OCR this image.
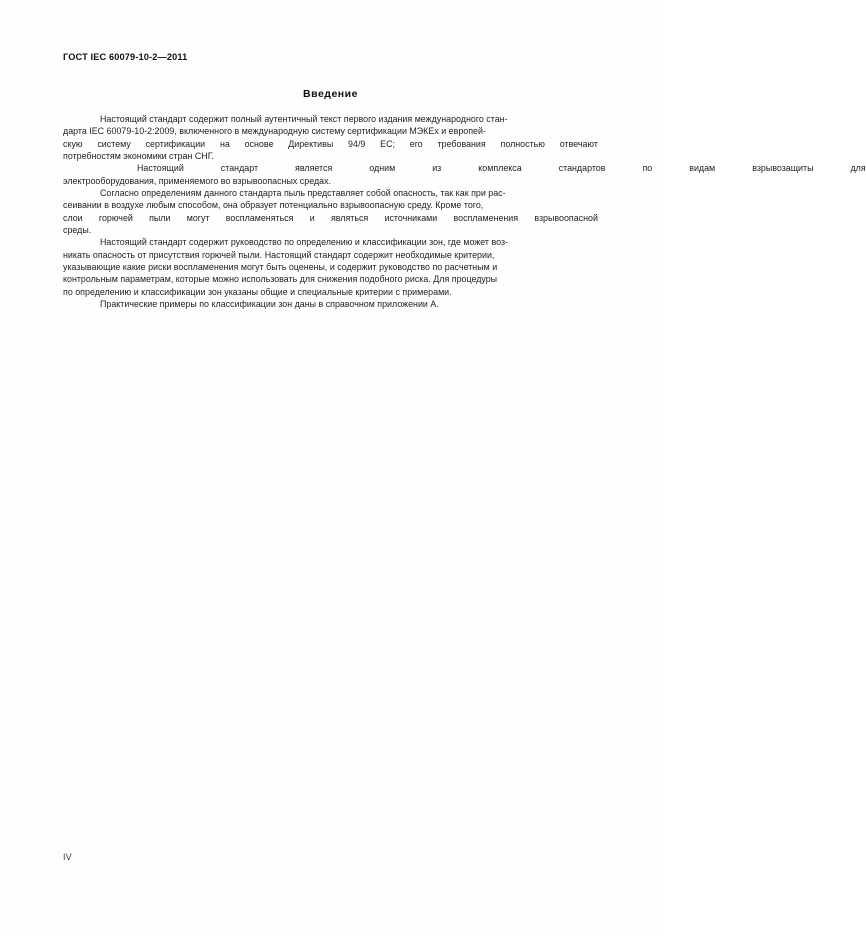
ГОСТ IEC 60079-10-2—2011
Введение

Настоящий стандарт содержит полный аутентичный текст первого издания международного стан-
дарта IEC 60079-10-2:2009, включенного в международную систему сертификации МЭКЕх и европей-
скую систему сертификации на основе Директивы 94/9 ЕС; его требования полностью отвечают
потребностям экономики стран СНГ.

Настоящий	стандарт	является	одним	из	комплекса	стандартов	по	видам	взрывозащиты	для
электрооборудования, применяемого во взрывоопасных средах.

Согласно определениям данного стандарта пыль представляет собой опасность, так как при рас-
сеивании в воздухе любым способом, она образует потенциально взрывоопасную среду. Кроме того,
слои горючей пыли могут воспламеняться и являться источниками воспламенения взрывоопасной
среды.

Настоящий стандарт содержит руководство по определению и классификации зон, где может воз-
никать опасность от присутствия горючей пыли. Настоящий стандарт содержит необходимые критерии,
указывающие какие риски воспламенения могут быть оценены, и содержит руководство по расчетным и
контрольным параметрам, которые можно использовать для снижения подобного риска. Для процедуры
по определению и классификации зон указаны общие и специальные критерии с примерами.

Практические примеры по классификации зон даны в справочном приложении А.

IV
